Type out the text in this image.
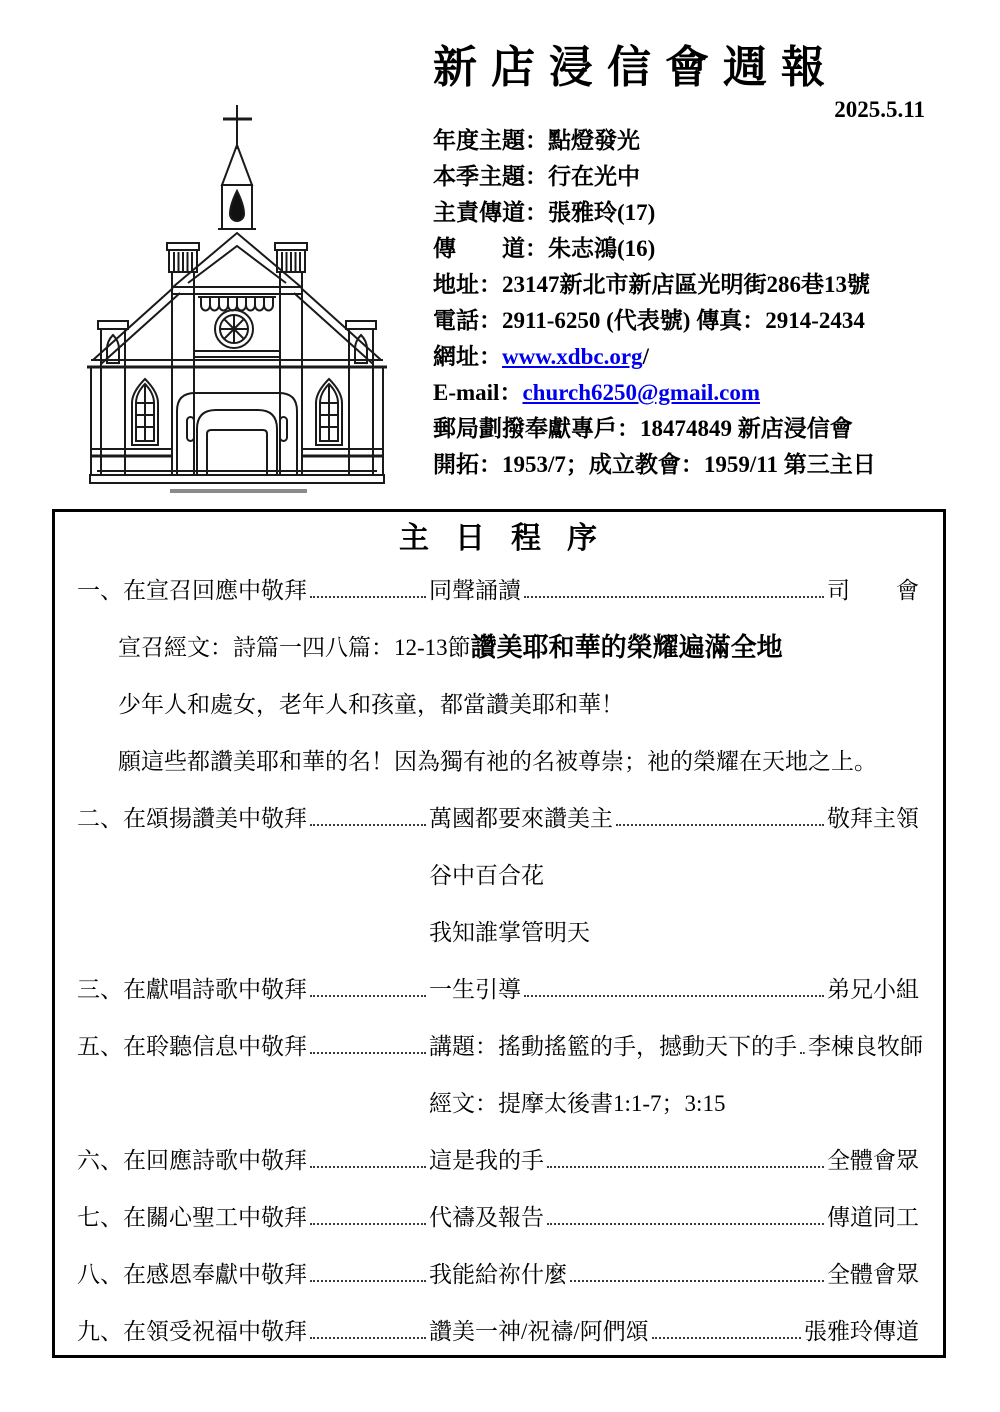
新店浸信會週報
2025.5.11
年度主題：點燈發光
本季主題：行在光中
主責傳道：張雅玲(17)
傳　　道：朱志鴻(16)
地址：23147新北市新店區光明街286巷13號
電話：2911-6250 (代表號) 傳真：2914-2434
網址：www.xdbc.org/
E-mail：church6250@gmail.com
郵局劃撥奉獻專戶：18474849 新店浸信會
開拓：1953/7；成立教會：1959/11 第三主日
主日程序
一、在宣召回應中敬拜	同聲誦讀	司　　會
宣召經文：詩篇一四八篇：12-13節 讚美耶和華的榮耀遍滿全地
少年人和處女，老年人和孩童，都當讚美耶和華！
願這些都讚美耶和華的名！因為獨有祂的名被尊崇；祂的榮耀在天地之上。
二、在頌揚讚美中敬拜	萬國都要來讚美主	敬拜主領
谷中百合花
我知誰掌管明天
三、在獻唱詩歌中敬拜	一生引導	弟兄小組
五、在聆聽信息中敬拜	講題：搖動搖籃的手，撼動天下的手 李棟良牧師
經文：提摩太後書1:1-7；3:15
六、在回應詩歌中敬拜	這是我的手	全體會眾
七、在關心聖工中敬拜	代禱及報告	傳道同工
八、在感恩奉獻中敬拜	我能給祢什麼	全體會眾
九、在領受祝福中敬拜	讚美一神/祝禱/阿們頌	張雅玲傳道
